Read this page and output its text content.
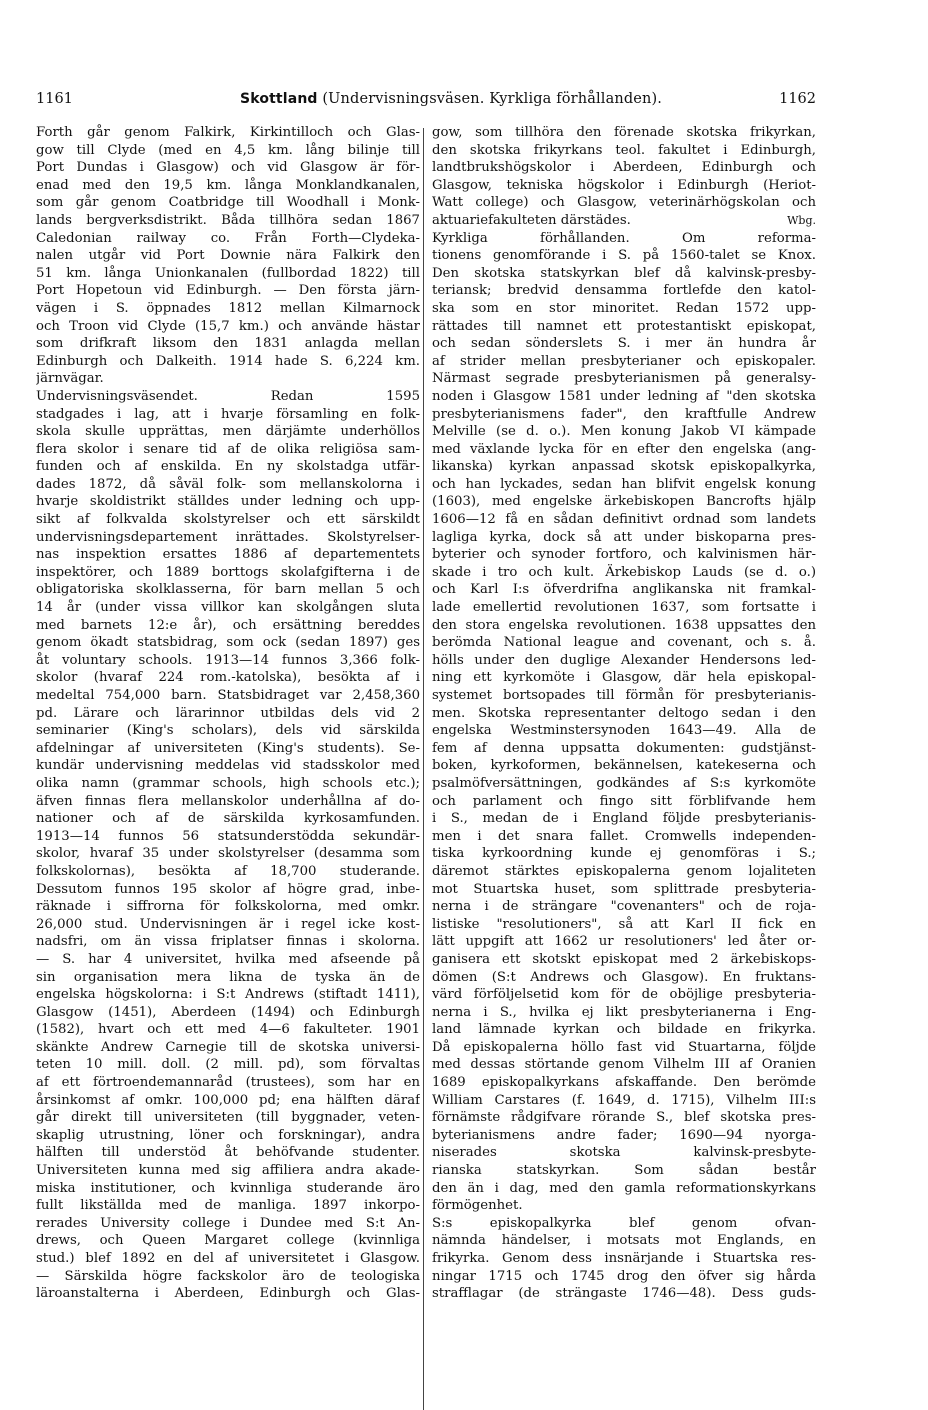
1161	Skottland (Undervisningsväsen. Kyrkliga förhållanden).	1162
Forth går genom Falkirk, Kirkintilloch och Glas-
gow till Clyde (med en 4,5 km. lång bilinje till
Port Dundas i Glasgow) och vid Glasgow är för-
enad med den 19,5 km. långa Monklandkanalen,
som går genom Coatbridge till Woodhall i Monk-
lands bergverksdistrikt. Båda tillhöra sedan 1867
Caledonian railway co. Från Forth—Clydeka-
nalen utgår vid Port Downie nära Falkirk den
51 km. långa Unionkanalen (fullbordad 1822) till
Port Hopetoun vid Edinburgh. — Den första järn-
vägen i S. öppnades 1812 mellan Kilmarnock
och Troon vid Clyde (15,7 km.) och använde hästar
som drifkraft liksom den 1831 anlagda mellan
Edinburgh och Dalkeith. 1914 hade S. 6,224 km.
järnvägar.
Undervisningsväsendet. Redan 1595
stadgades i lag, att i hvarje församling en folk-
skola skulle upprättas, men därjämte underhöllos
flera skolor i senare tid af de olika religiösa sam-
funden och af enskilda. En ny skolstadga utfär-
dades 1872, då såväl folk- som mellanskolorna i
hvarje skoldistrikt ställdes under ledning och upp-
sikt af folkvalda skolstyrelser och ett särskildt
undervisningsdepartement inrättades. Skolstyrelser-
nas inspektion ersattes 1886 af departementets
inspektörer, och 1889 borttogs skolafgifterna i de
obligatoriska skolklasserna, för barn mellan 5 och
14 år (under vissa villkor kan skolgången sluta
med barnets 12:e år), och ersättning bereddes
genom ökadt statsbidrag, som ock (sedan 1897) ges
åt voluntary schools. 1913—14 funnos 3,366 folk-
skolor (hvaraf 224 rom.-katolska), besökta af i
medeltal 754,000 barn. Statsbidraget var 2,458,360
pd. Lärare och lärarinnor utbildas dels vid 2
seminarier (King's scholars), dels vid särskilda
afdelningar af universiteten (King's students). Se-
kundär undervisning meddelas vid stadsskolor med
olika namn (grammar schools, high schools etc.);
äfven finnas flera mellanskolor underhållna af do-
nationer och af de särskilda kyrkosamfunden.
1913—14 funnos 56 statsunderstödda sekundär-
skolor, hvaraf 35 under skolstyrelser (desamma som
folkskolornas), besökta af 18,700 studerande.
Dessutom funnos 195 skolor af högre grad, inbe-
räknade i siffrorna för folkskolorna, med omkr.
26,000 stud. Undervisningen är i regel icke kost-
nadsfri, om än vissa friplatser finnas i skolorna.
— S. har 4 universitet, hvilka med afseende på
sin organisation mera likna de tyska än de
engelska högskolorna: i S:t Andrews (stiftadt 1411),
Glasgow (1451), Aberdeen (1494) och Edinburgh
(1582), hvart och ett med 4—6 fakulteter. 1901
skänkte Andrew Carnegie till de skotska universi-
teten 10 mill. doll. (2 mill. pd), som förvaltas
af ett förtroendemannaråd (trustees), som har en
årsinkomst af omkr. 100,000 pd; ena hälften däraf
går direkt till universiteten (till byggnader, veten-
skaplig utrustning, löner och forskningar), andra
hälften till understöd åt behöfvande studenter.
Universiteten kunna med sig affiliera andra akade-
miska institutioner, och kvinnliga studerande äro
fullt likställda med de manliga. 1897 inkorpo-
rerades University college i Dundee med S:t An-
drews, och Queen Margaret college (kvinnliga
stud.) blef 1892 en del af universitetet i Glasgow.
— Särskilda högre fackskolor äro de teologiska
läroanstalterna i Aberdeen, Edinburgh och Glas-
gow, som tillhöra den förenade skotska frikyrkan,
den skotska frikyrkans teol. fakultet i Edinburgh,
landtbrukshögskolor i Aberdeen, Edinburgh och
Glasgow, tekniska högskolor i Edinburgh (Heriot-
Watt college) och Glasgow, veterinärhögskolan och
aktuariefakulteten därstädes.	Wbg.
Kyrkliga förhållanden. Om reforma-
tionens genomförande i S. på 1560-talet se Knox.
Den skotska statskyrkan blef då kalvinsk-presby-
teriansk; bredvid densamma fortlefde den katol-
ska som en stor minoritet. Redan 1572 upp-
rättades till namnet ett protestantiskt episkopat,
och sedan sönderslets S. i mer än hundra år
af strider mellan presbyterianer och episkopaler.
Närmast segrade presbyterianismen på generalsy-
noden i Glasgow 1581 under ledning af "den skotska
presbyterianismens fader", den kraftfulle Andrew
Melville (se d. o.). Men konung Jakob VI kämpade
med växlande lycka för en efter den engelska (ang-
likanska) kyrkan anpassad skotsk episkopalkyrka,
och han lyckades, sedan han blifvit engelsk konung
(1603), med engelske ärkebiskopen Bancrofts hjälp
1606—12 få en sådan definitivt ordnad som landets
lagliga kyrka, dock så att under biskoparna pres-
byterier och synoder fortforo, och kalvinismen här-
skade i tro och kult. Ärkebiskop Lauds (se d. o.)
och Karl I:s öfverdrifna anglikanska nit framkal-
lade emellertid revolutionen 1637, som fortsatte i
den stora engelska revolutionen. 1638 uppsattes den
berömda National league and covenant, och s. å.
hölls under den duglige Alexander Hendersons led-
ning ett kyrkomöte i Glasgow, där hela episkopal-
systemet bortsopades till förmån för presbyterianis-
men. Skotska representanter deltogo sedan i den
engelska Westminstersynoden 1643—49. Alla de
fem af denna uppsatta dokumenten: gudstjänst-
boken, kyrkoformen, bekännelsen, katekeserna och
psalmöfversättningen, godkändes af S:s kyrkomöte
och parlament och fingo sitt förblifvande hem
i S., medan de i England följde presbyterianis-
men i det snara fallet. Cromwells independen-
tiska kyrkoordning kunde ej genomföras i S.;
däremot stärktes episkopalerna genom lojaliteten
mot Stuartska huset, som splittrade presbyteria-
nerna i de strängare "covenanters" och de roja-
listiske "resolutioners", så att Karl II fick en
lätt uppgift att 1662 ur resolutioners' led åter or-
ganisera ett skotskt episkopat med 2 ärkebiskops-
dömen (S:t Andrews och Glasgow). En fruktans-
värd förföljelsetid kom för de oböjlige presbyteria-
nerna i S., hvilka ej likt presbyterianerna i Eng-
land lämnade kyrkan och bildade en frikyrka.
Då episkopalerna höllo fast vid Stuartarna, följde
med dessas störtande genom Vilhelm III af Oranien
1689 episkopalkyrkans afskaffande. Den berömde
William Carstares (f. 1649, d. 1715), Vilhelm III:s
förnämste rådgifvare rörande S., blef skotska pres-
byterianismens andre fader; 1690—94 nyorga-
niserades skotska kalvinsk-presbyte-
rianska statskyrkan. Som sådan består
den än i dag, med den gamla reformationskyrkans
förmögenhet.
S:s episkopalkyrka blef genom ofvan-
nämnda händelser, i motsats mot Englands, en
frikyrka. Genom dess insnärjande i Stuartska res-
ningar 1715 och 1745 drog den öfver sig hårda
strafflagar (de strängaste 1746—48). Dess guds-
